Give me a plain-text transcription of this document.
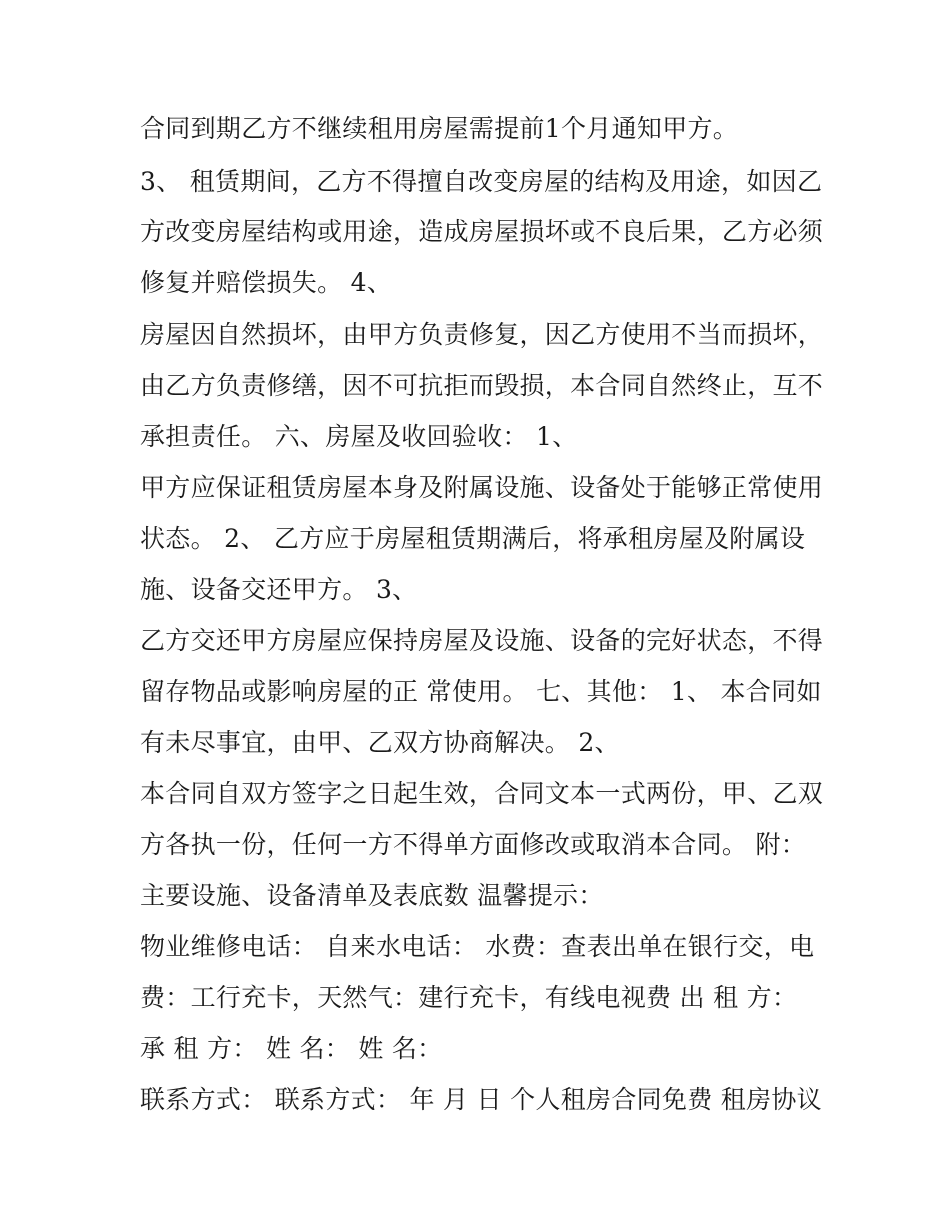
合同到期乙方不继续租用房屋需提前1个月通知甲方。
3、 租赁期间，乙方不得擅自改变房屋的结构及用途，如因乙
方改变房屋结构或用途，造成房屋损坏或不良后果，乙方必须
修复并赔偿损失。 4、
房屋因自然损坏，由甲方负责修复，因乙方使用不当而损坏，
由乙方负责修缮，因不可抗拒而毁损，本合同自然终止，互不
承担责任。 六、房屋及收回验收： 1、
甲方应保证租赁房屋本身及附属设施、设备处于能够正常使用
状态。 2、 乙方应于房屋租赁期满后，将承租房屋及附属设
施、设备交还甲方。 3、
乙方交还甲方房屋应保持房屋及设施、设备的完好状态，不得
留存物品或影响房屋的正 常使用。 七、其他： 1、 本合同如
有未尽事宜，由甲、乙双方协商解决。 2、
本合同自双方签字之日起生效，合同文本一式两份，甲、乙双
方各执一份，任何一方不得单方面修改或取消本合同。 附：
主要设施、设备清单及表底数 温馨提示：
物业维修电话： 自来水电话： 水费：查表出单在银行交，电
费：工行充卡，天然气：建行充卡，有线电视费 出 租 方：
承 租 方： 姓 名： 姓 名：
联系方式： 联系方式： 年 月 日 个人租房合同免费 租房协议
